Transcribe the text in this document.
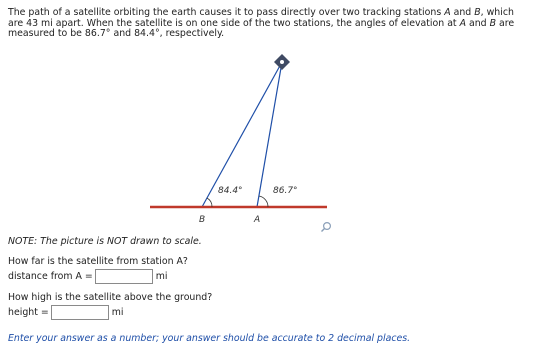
The path of a satellite orbiting the earth causes it to pass directly over two tracking stations A and B, which are 43 mi apart. When the satellite is on one side of the two stations, the angles of elevation at A and B are measured to be 86.7° and 84.4°, respectively.
84.4°	86.7°
B	A
NOTE: The picture is NOT drawn to scale.
How far is the satellite from station A?
distance from A =	mi
How high is the satellite above the ground?
height =	mi
Enter your answer as a number; your answer should be accurate to 2 decimal places.
